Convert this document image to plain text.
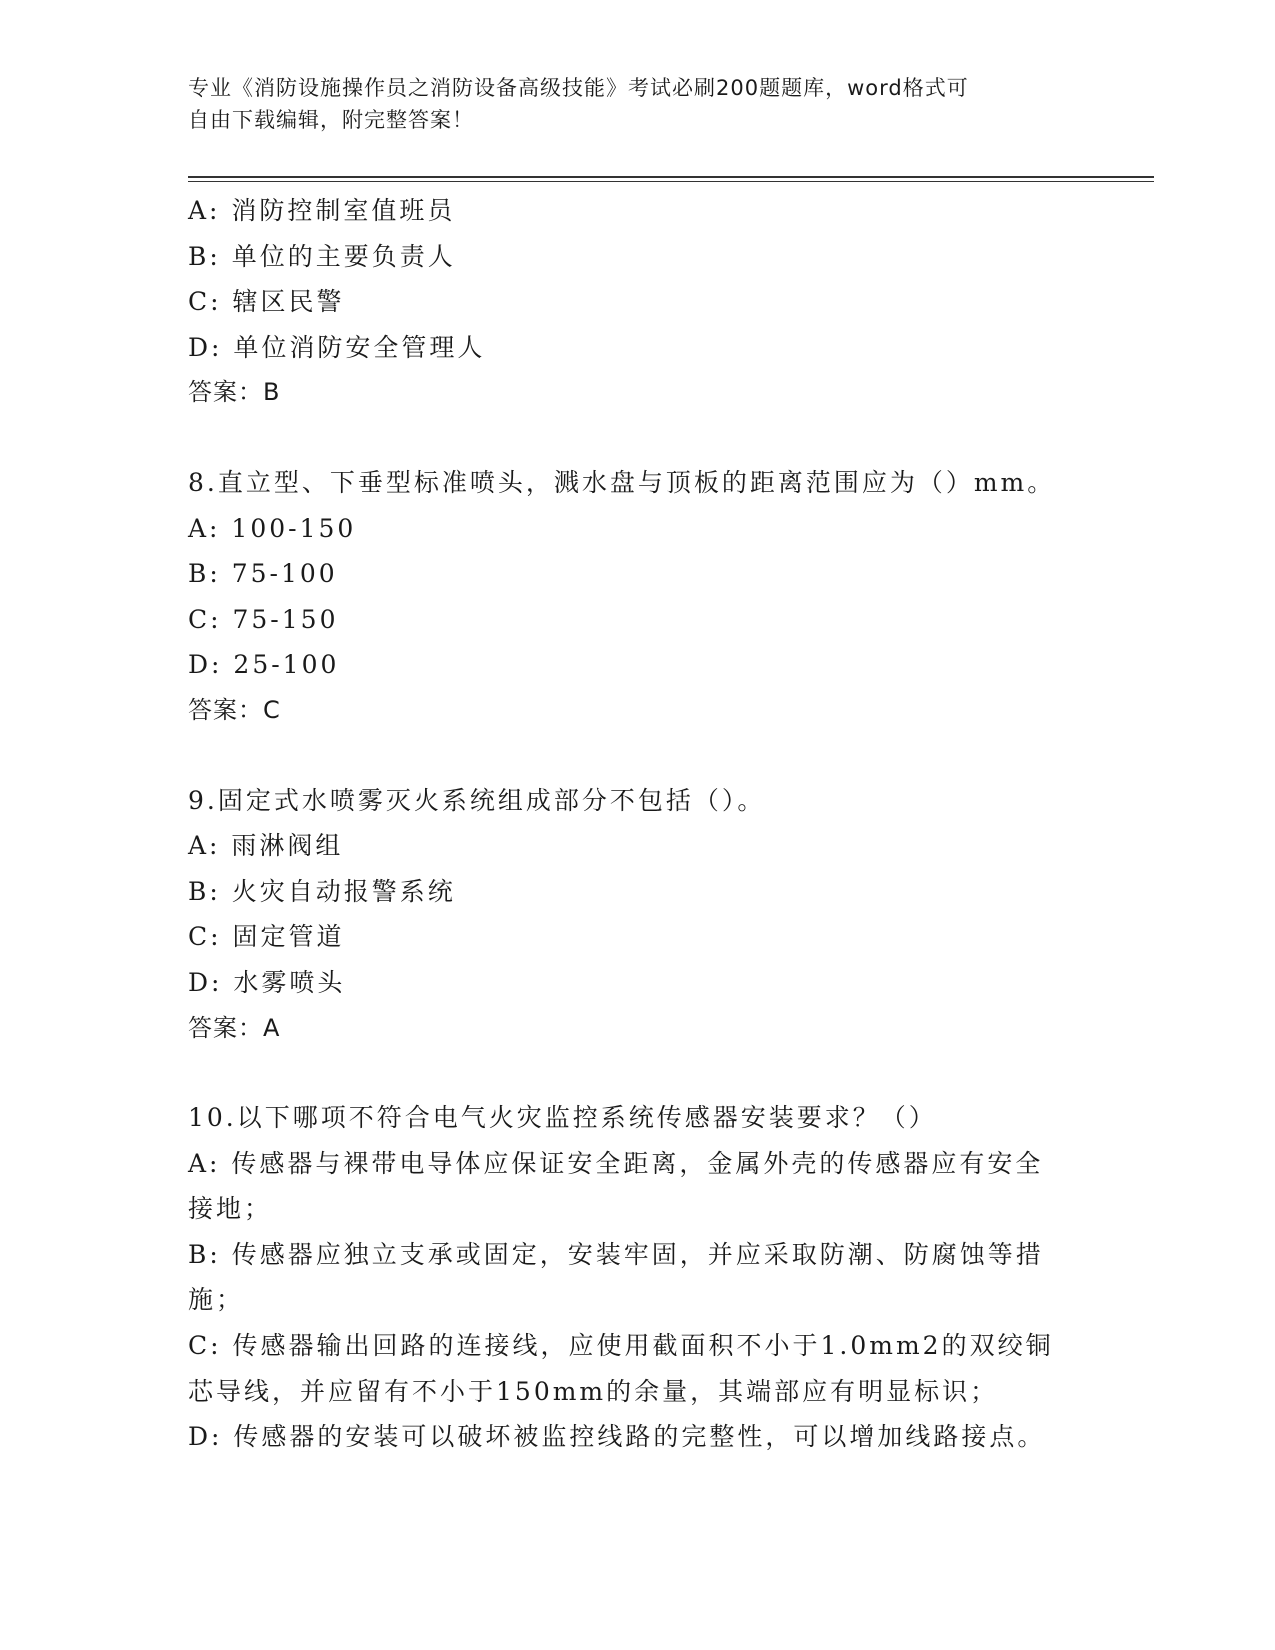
专业《消防设施操作员之消防设备高级技能》考试必刷200题题库，word格式可
自由下载编辑，附完整答案！
A: 消防控制室值班员
B: 单位的主要负责人
C: 辖区民警
D: 单位消防安全管理人
答案：B
8.直立型、下垂型标准喷头，溅水盘与顶板的距离范围应为（）mm。
A: 100-150
B: 75-100
C: 75-150
D: 25-100
答案：C
9.固定式水喷雾灭火系统组成部分不包括（）。
A: 雨淋阀组
B: 火灾自动报警系统
C: 固定管道
D: 水雾喷头
答案：A
10.以下哪项不符合电气火灾监控系统传感器安装要求？（）
A: 传感器与裸带电导体应保证安全距离，金属外壳的传感器应有安全
接地；
B: 传感器应独立支承或固定，安装牢固，并应采取防潮、防腐蚀等措
施；
C: 传感器输出回路的连接线，应使用截面积不小于1.0mm2的双绞铜
芯导线，并应留有不小于150mm的余量，其端部应有明显标识；
D: 传感器的安装可以破坏被监控线路的完整性，可以增加线路接点。
